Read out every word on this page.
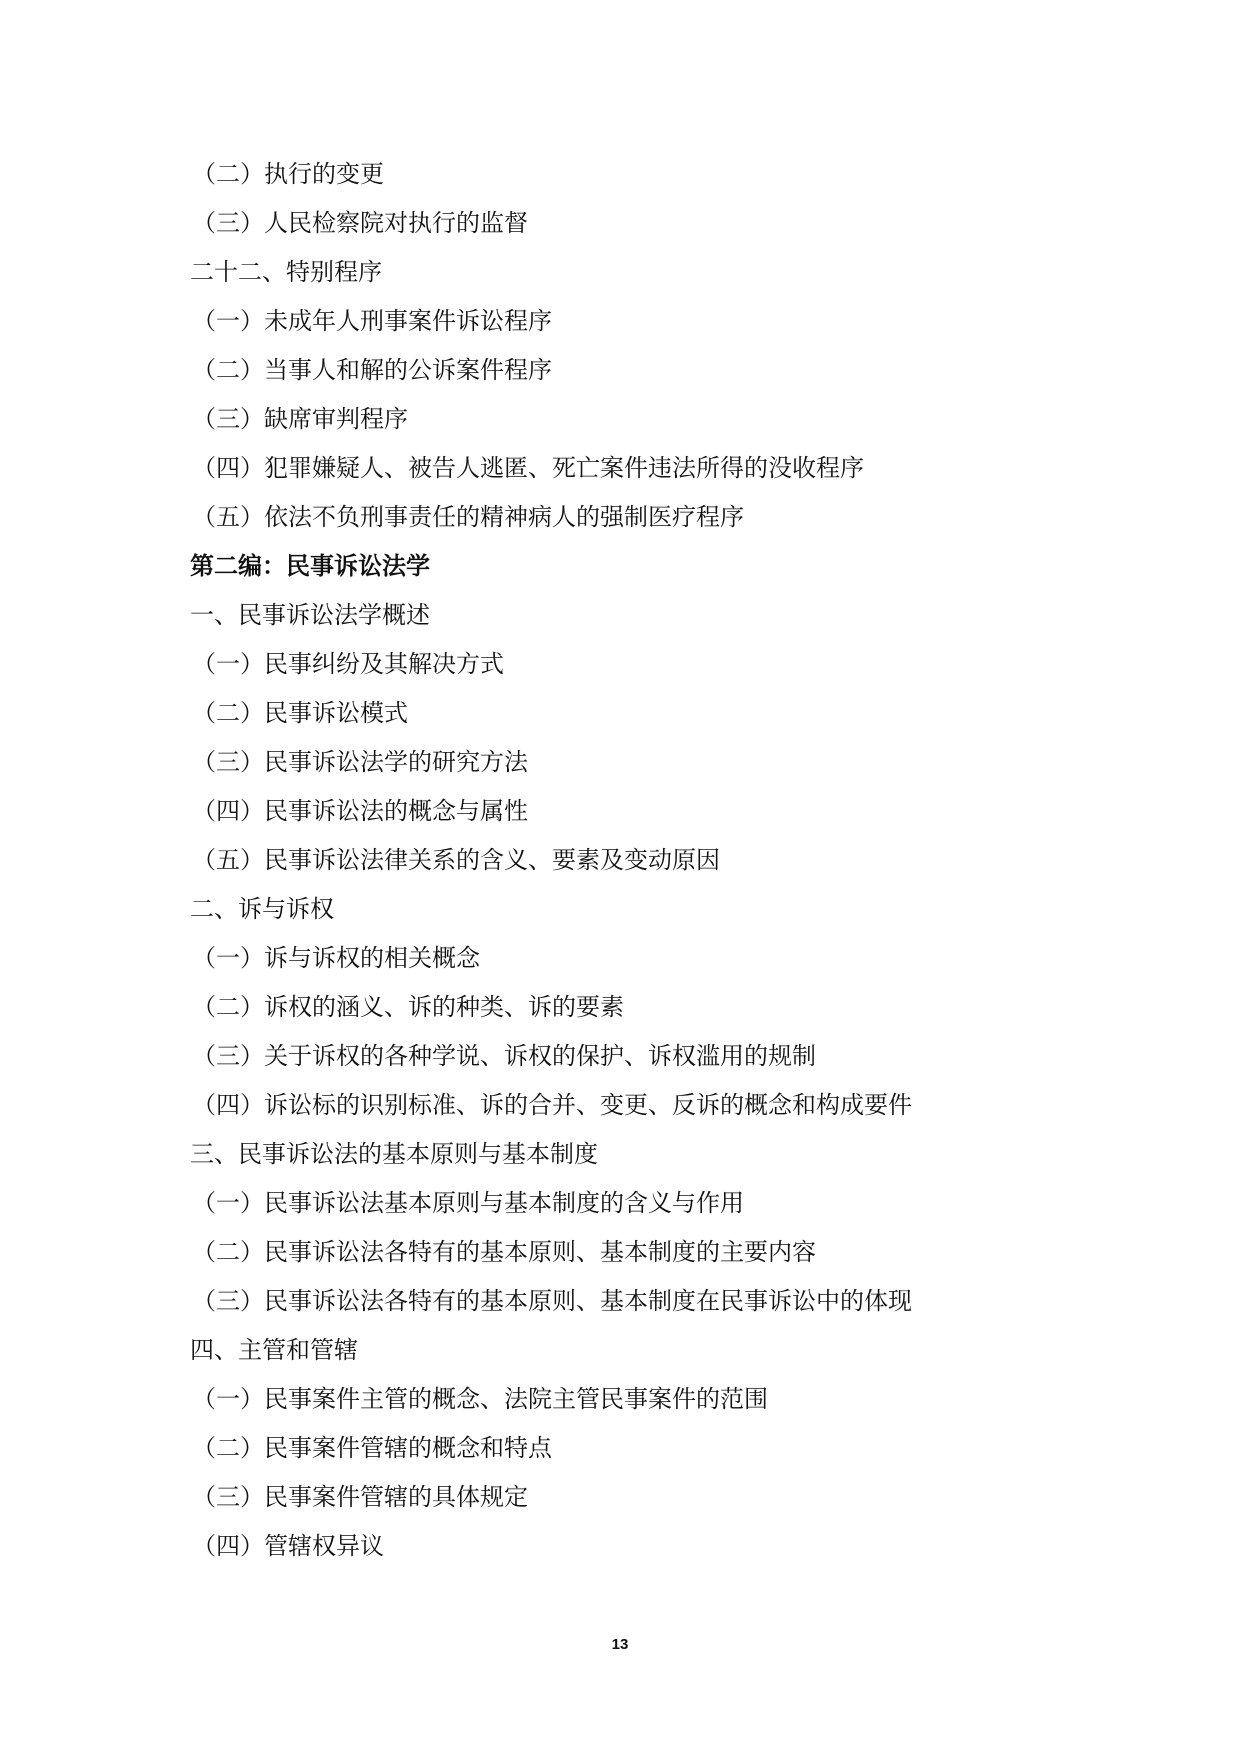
（二）执行的变更
（三）人民检察院对执行的监督
二十二、特别程序
（一）未成年人刑事案件诉讼程序
（二）当事人和解的公诉案件程序
（三）缺席审判程序
（四）犯罪嫌疑人、被告人逃匿、死亡案件违法所得的没收程序
（五）依法不负刑事责任的精神病人的强制医疗程序
第二编：民事诉讼法学
一、民事诉讼法学概述
（一）民事纠纷及其解决方式
（二）民事诉讼模式
（三）民事诉讼法学的研究方法
（四）民事诉讼法的概念与属性
（五）民事诉讼法律关系的含义、要素及变动原因
二、诉与诉权
（一）诉与诉权的相关概念
（二）诉权的涵义、诉的种类、诉的要素
（三）关于诉权的各种学说、诉权的保护、诉权滥用的规制
（四）诉讼标的识别标准、诉的合并、变更、反诉的概念和构成要件
三、民事诉讼法的基本原则与基本制度
（一）民事诉讼法基本原则与基本制度的含义与作用
（二）民事诉讼法各特有的基本原则、基本制度的主要内容
（三）民事诉讼法各特有的基本原则、基本制度在民事诉讼中的体现
四、主管和管辖
（一）民事案件主管的概念、法院主管民事案件的范围
（二）民事案件管辖的概念和特点
（三）民事案件管辖的具体规定
（四）管辖权异议
13
